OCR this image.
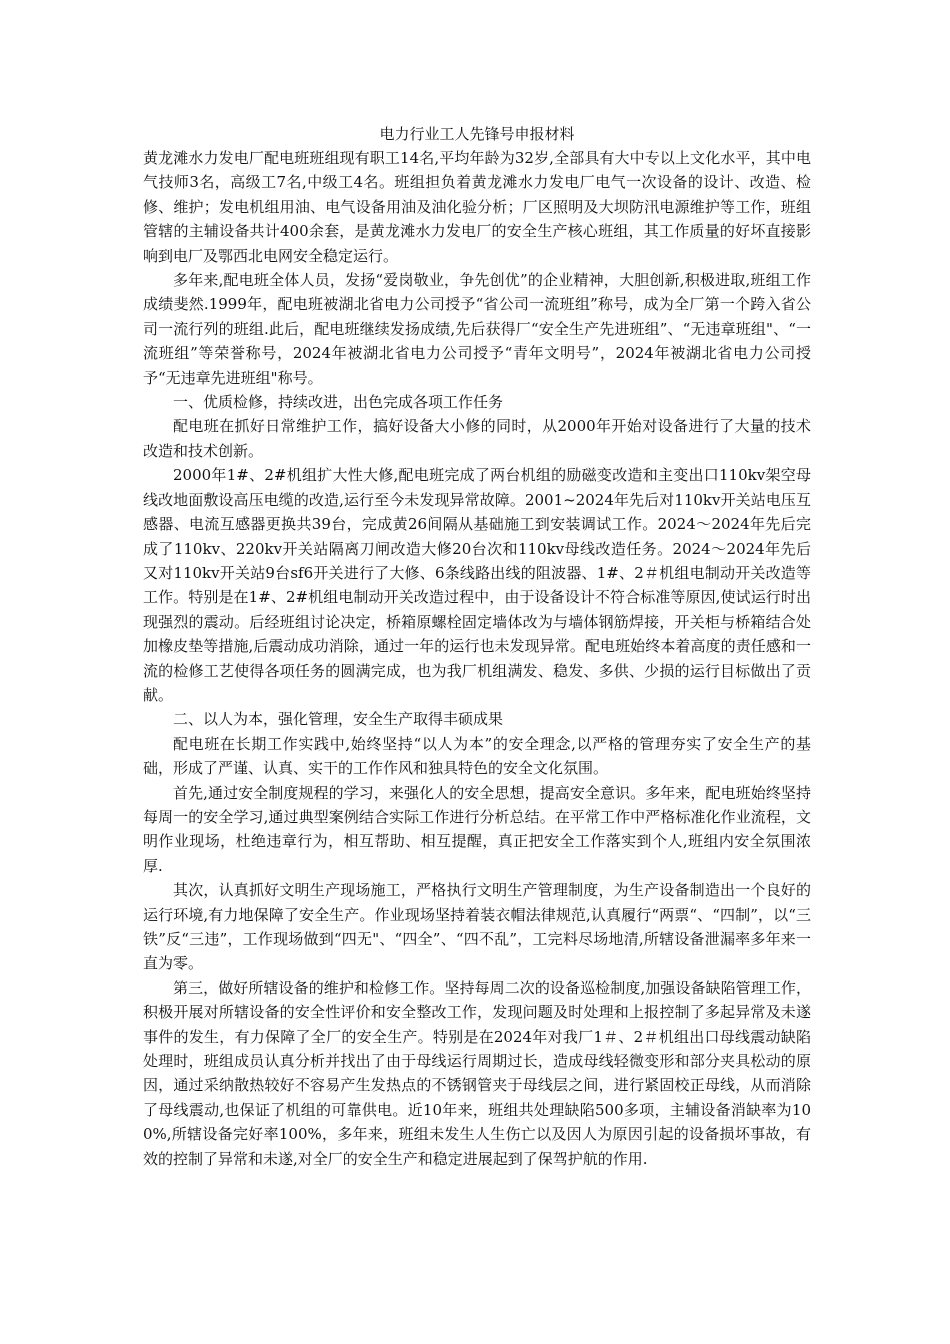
电力行业工人先锋号申报材料

黄龙滩水力发电厂配电班班组现有职工14名,平均年龄为32岁,全部具有大中专以上文化水平，其中电气技师3名，高级工7名,中级工4名。班组担负着黄龙滩水力发电厂电气一次设备的设计、改造、检修、维护；发电机组用油、电气设备用油及油化验分析；厂区照明及大坝防汛电源维护等工作，班组管辖的主辅设备共计400余套，是黄龙滩水力发电厂的安全生产核心班组，其工作质量的好坏直接影响到电厂及鄂西北电网安全稳定运行。

多年来,配电班全体人员，发扬“爱岗敬业，争先创优”的企业精神，大胆创新,积极进取,班组工作成绩斐然.1999年，配电班被湖北省电力公司授予“省公司一流班组”称号，成为全厂第一个跨入省公司一流行列的班组.此后，配电班继续发扬成绩,先后获得厂“安全生产先进班组”、“无违章班组"、“一流班组”等荣誉称号，2024年被湖北省电力公司授予“青年文明号”，2024年被湖北省电力公司授予“无违章先进班组"称号。

一、优质检修，持续改进，出色完成各项工作任务

配电班在抓好日常维护工作，搞好设备大小修的同时，从2000年开始对设备进行了大量的技术改造和技术创新。

2000年1#、2#机组扩大性大修,配电班完成了两台机组的励磁变改造和主变出口110kv架空母线改地面敷设高压电缆的改造,运行至今未发现异常故障。2001~2024年先后对110kv开关站电压互感器、电流互感器更换共39台，完成黄26间隔从基础施工到安装调试工作。2024～2024年先后完成了110kv、220kv开关站隔离刀闸改造大修20台次和110kv母线改造任务。2024～2024年先后又对110kv开关站9台sf6开关进行了大修、6条线路出线的阻波器、1#、2＃机组电制动开关改造等工作。特别是在1#、2#机组电制动开关改造过程中，由于设备设计不符合标准等原因,使试运行时出现强烈的震动。后经班组讨论决定，桥箱原螺栓固定墙体改为与墙体钢筋焊接，开关柜与桥箱结合处加橡皮垫等措施,后震动成功消除，通过一年的运行也未发现异常。配电班始终本着高度的责任感和一流的检修工艺使得各项任务的圆满完成，也为我厂机组满发、稳发、多供、少损的运行目标做出了贡献。

二、以人为本，强化管理，安全生产取得丰硕成果

配电班在长期工作实践中,始终坚持“以人为本”的安全理念,以严格的管理夯实了安全生产的基础，形成了严谨、认真、实干的工作作风和独具特色的安全文化氛围。

首先,通过安全制度规程的学习，来强化人的安全思想，提高安全意识。多年来，配电班始终坚持每周一的安全学习,通过典型案例结合实际工作进行分析总结。在平常工作中严格标准化作业流程，文明作业现场，杜绝违章行为，相互帮助、相互提醒，真正把安全工作落实到个人,班组内安全氛围浓厚.

其次，认真抓好文明生产现场施工，严格执行文明生产管理制度，为生产设备制造出一个良好的运行环境,有力地保障了安全生产。作业现场坚持着装衣帽法律规范,认真履行“两票“、“四制”，以“三铁”反“三违”，工作现场做到“四无"、“四全”、“四不乱”，工完料尽场地清,所辖设备泄漏率多年来一直为零。

第三，做好所辖设备的维护和检修工作。坚持每周二次的设备巡检制度,加强设备缺陷管理工作，积极开展对所辖设备的安全性评价和安全整改工作，发现问题及时处理和上报控制了多起异常及未遂事件的发生，有力保障了全厂的安全生产。特别是在2024年对我厂1＃、2＃机组出口母线震动缺陷处理时，班组成员认真分析并找出了由于母线运行周期过长，造成母线轻微变形和部分夹具松动的原因，通过采纳散热较好不容易产生发热点的不锈钢管夹于母线层之间，进行紧固校正母线，从而消除了母线震动,也保证了机组的可靠供电。近10年来，班组共处理缺陷500多项，主辅设备消缺率为100%,所辖设备完好率100%，多年来，班组未发生人生伤亡以及因人为原因引起的设备损坏事故，有效的控制了异常和未遂,对全厂的安全生产和稳定进展起到了保驾护航的作用.
